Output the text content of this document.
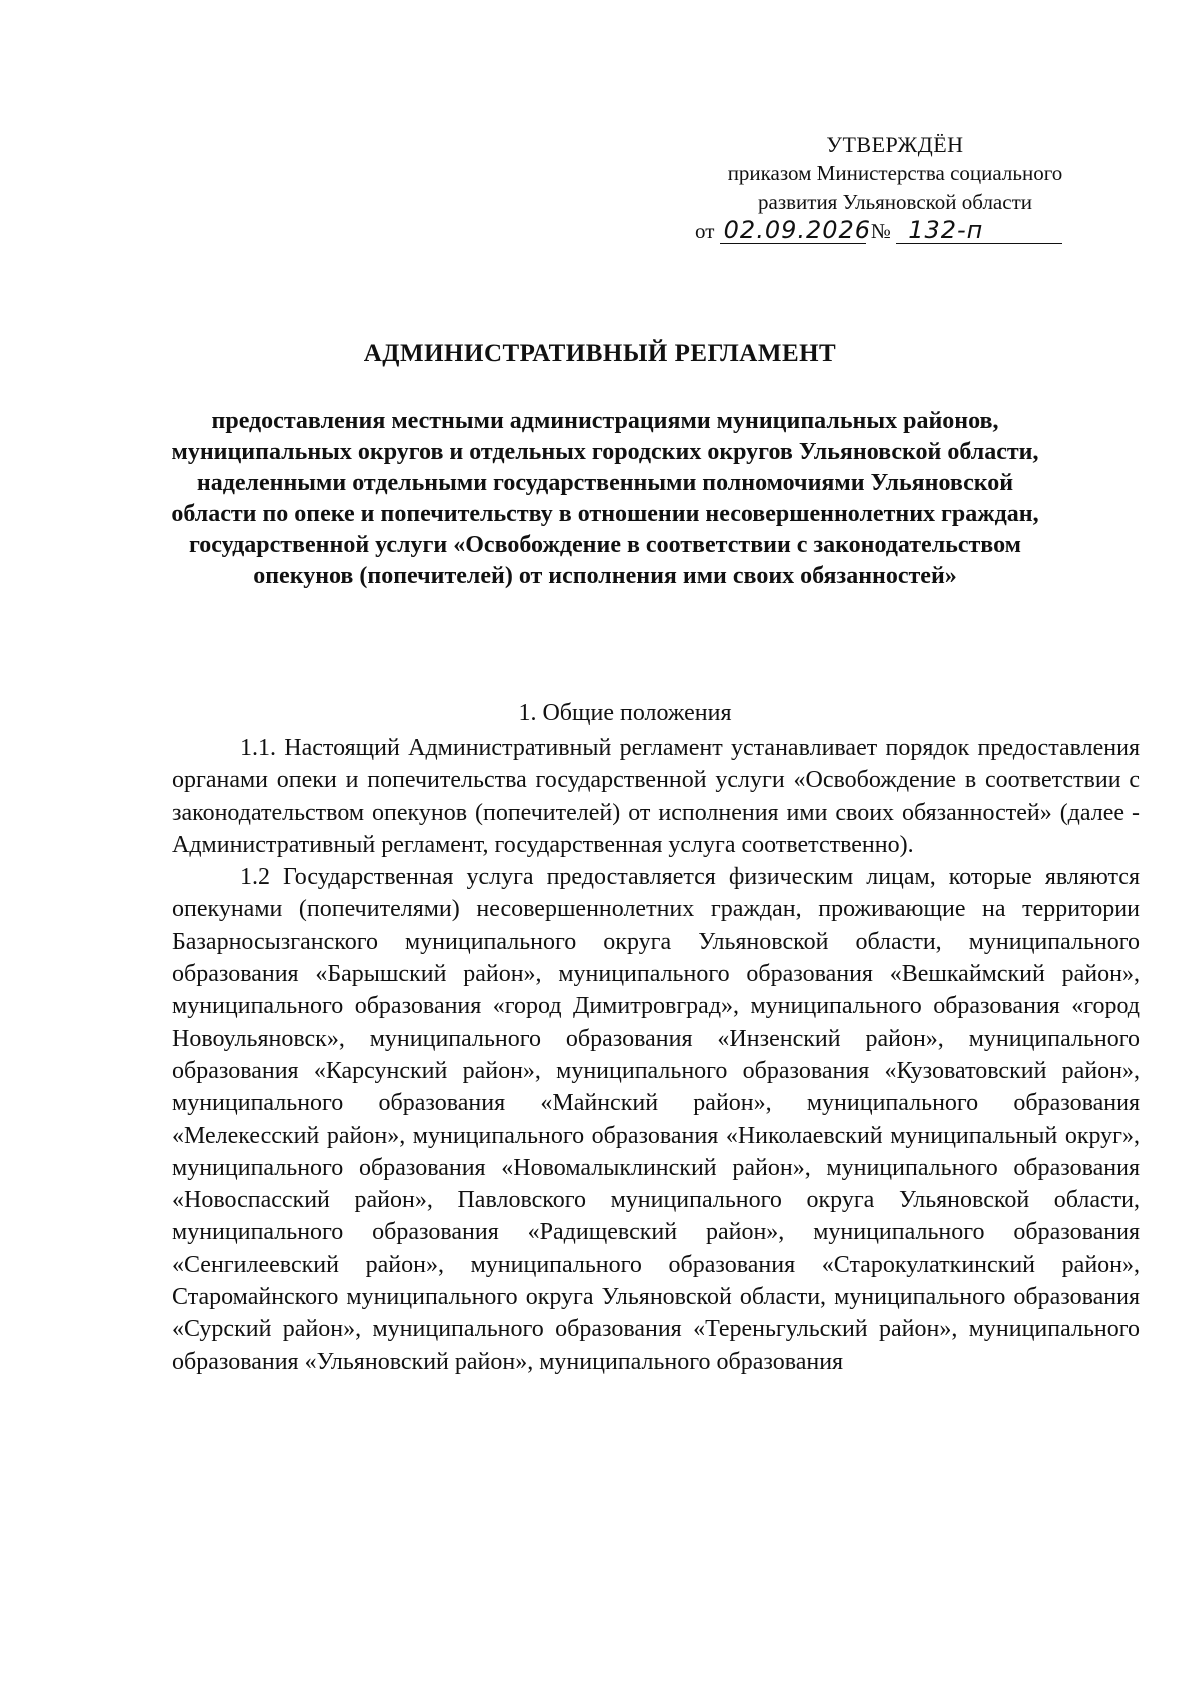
УТВЕРЖДЁН
приказом Министерства социального
развития Ульяновской области
от 02.09.2026 № 132-п
АДМИНИСТРАТИВНЫЙ РЕГЛАМЕНТ
предоставления местными администрациями муниципальных районов, муниципальных округов и отдельных городских округов Ульяновской области, наделенными отдельными государственными полномочиями Ульяновской области по опеке и попечительству в отношении несовершеннолетних граждан, государственной услуги «Освобождение в соответствии с законодательством опекунов (попечителей) от исполнения ими своих обязанностей»
1. Общие положения

1.1. Настоящий Административный регламент устанавливает порядок предоставления органами опеки и попечительства государственной услуги «Освобождение в соответствии с законодательством опекунов (попечителей) от исполнения ими своих обязанностей» (далее - Административный регламент, государственная услуга соответственно).

1.2 Государственная услуга предоставляется физическим лицам, которые являются опекунами (попечителями) несовершеннолетних граждан, проживающие на территории Базарносызганского муниципального округа Ульяновской области, муниципального образования «Барышский район», муниципального образования «Вешкаймский район», муниципального образования «город Димитровград», муниципального образования «город Новоульяновск», муниципального образования «Инзенский район», муниципального образования «Карсунский район», муниципального образования «Кузоватовский район», муниципального образования «Майнский район», муниципального образования «Мелекесский район», муниципального образования «Николаевский муниципальный округ», муниципального образования «Новомалыклинский район», муниципального образования «Новоспасский район», Павловского муниципального округа Ульяновской области, муниципального образования «Радищевский район», муниципального образования «Сенгилеевский район», муниципального образования «Старокулаткинский район», Старомайнского муниципального округа Ульяновской области, муниципального образования «Сурский район», муниципального образования «Тереньгульский район», муниципального образования «Ульяновский район», муниципального образования
